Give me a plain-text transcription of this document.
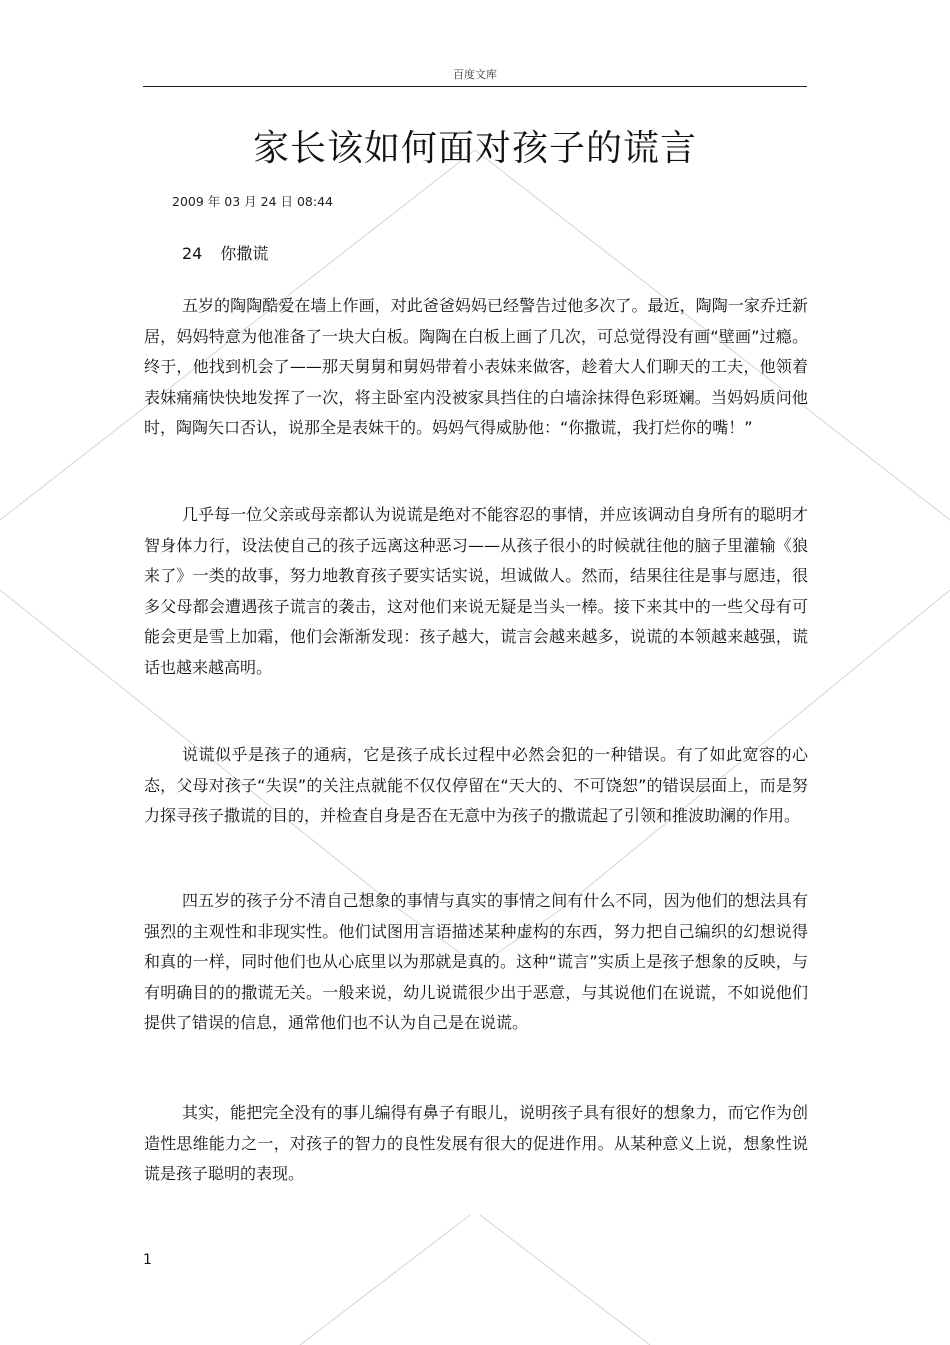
百度文库
家长该如何面对孩子的谎言
2009 年 03 月 24 日 08:44
24 你撒谎

五岁的陶陶酷爱在墙上作画，对此爸爸妈妈已经警告过他多次了。最近，陶陶一家乔迁新居，妈妈特意为他准备了一块大白板。陶陶在白板上画了几次，可总觉得没有画“壁画”过瘾。终于，他找到机会了——那天舅舅和舅妈带着小表妹来做客，趁着大人们聊天的工夫，他领着表妹痛痛快快地发挥了一次，将主卧室内没被家具挡住的白墙涂抹得色彩斑斓。当妈妈质问他时，陶陶矢口否认，说那全是表妹干的。妈妈气得威胁他：“你撒谎，我打烂你的嘴！”

几乎每一位父亲或母亲都认为说谎是绝对不能容忍的事情，并应该调动自身所有的聪明才智身体力行，设法使自己的孩子远离这种恶习——从孩子很小的时候就往他的脑子里灌输《狼来了》一类的故事，努力地教育孩子要实话实说，坦诚做人。然而，结果往往是事与愿违，很多父母都会遭遇孩子谎言的袭击，这对他们来说无疑是当头一棒。接下来其中的一些父母有可能会更是雪上加霜，他们会渐渐发现：孩子越大，谎言会越来越多，说谎的本领越来越强，谎话也越来越高明。

说谎似乎是孩子的通病，它是孩子成长过程中必然会犯的一种错误。有了如此宽容的心态，父母对孩子“失误”的关注点就能不仅仅停留在“天大的、不可饶恕”的错误层面上，而是努力探寻孩子撒谎的目的，并检查自身是否在无意中为孩子的撒谎起了引领和推波助澜的作用。

四五岁的孩子分不清自己想象的事情与真实的事情之间有什么不同，因为他们的想法具有强烈的主观性和非现实性。他们试图用言语描述某种虚构的东西，努力把自己编织的幻想说得和真的一样，同时他们也从心底里以为那就是真的。这种“谎言”实质上是孩子想象的反映，与有明确目的的撒谎无关。一般来说，幼儿说谎很少出于恶意，与其说他们在说谎，不如说他们提供了错误的信息，通常他们也不认为自己是在说谎。

其实，能把完全没有的事儿编得有鼻子有眼儿，说明孩子具有很好的想象力，而它作为创造性思维能力之一，对孩子的智力的良性发展有很大的促进作用。从某种意义上说，想象性说谎是孩子聪明的表现。

1
